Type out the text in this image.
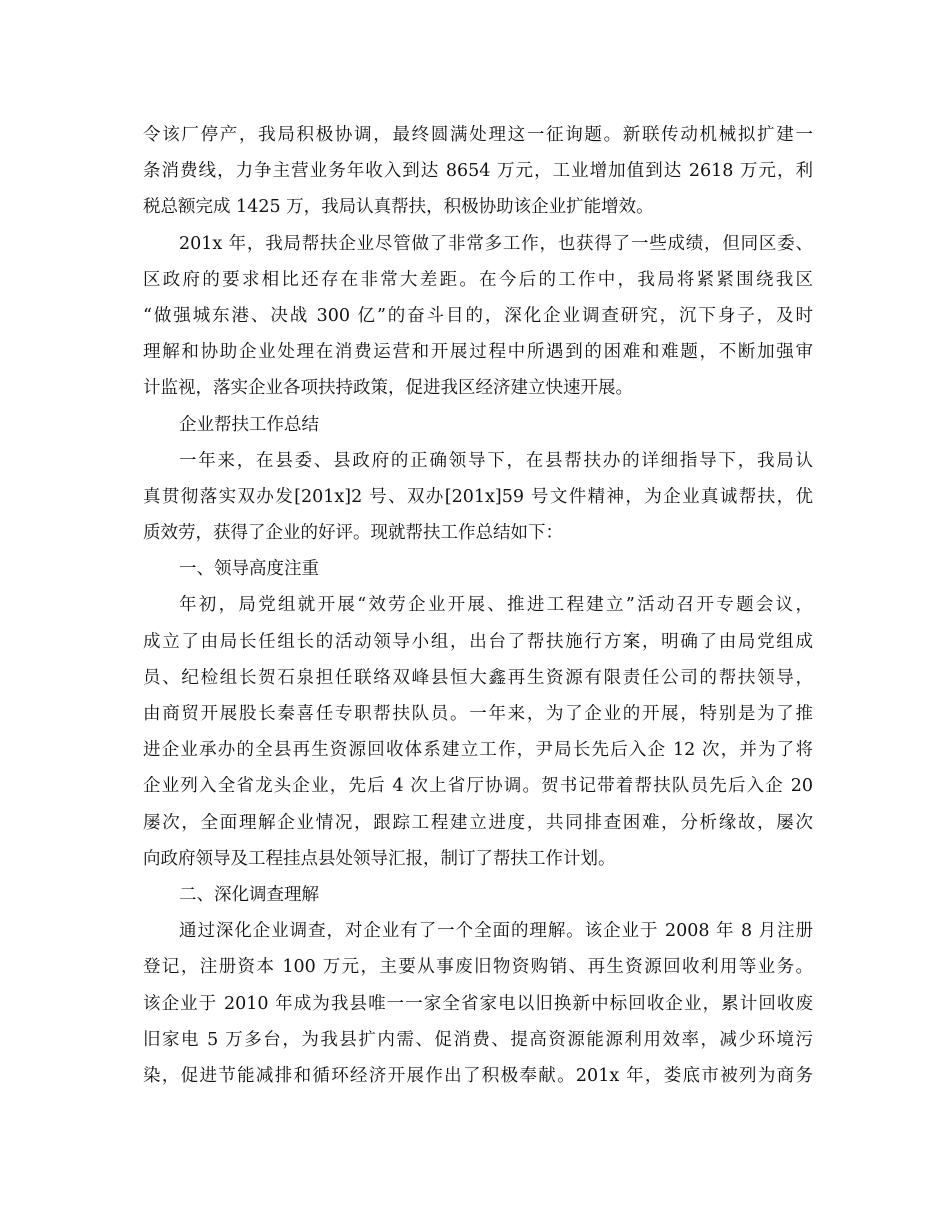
令该厂停产，我局积极协调，最终圆满处理这一征询题。新联传动机械拟扩建一
条消费线，力争主营业务年收入到达 8654 万元，工业增加值到达 2618 万元，利
税总额完成 1425 万，我局认真帮扶，积极协助该企业扩能增效。
201x 年，我局帮扶企业尽管做了非常多工作，也获得了一些成绩，但同区委、
区政府的要求相比还存在非常大差距。在今后的工作中，我局将紧紧围绕我区
“做强城东港、决战 300 亿”的奋斗目的，深化企业调查研究，沉下身子，及时
理解和协助企业处理在消费运营和开展过程中所遇到的困难和难题，不断加强审
计监视，落实企业各项扶持政策，促进我区经济建立快速开展。
企业帮扶工作总结
一年来，在县委、县政府的正确领导下，在县帮扶办的详细指导下，我局认
真贯彻落实双办发[201x]2 号、双办[201x]59 号文件精神，为企业真诚帮扶，优
质效劳，获得了企业的好评。现就帮扶工作总结如下：
一、领导高度注重
年初，局党组就开展“效劳企业开展、推进工程建立”活动召开专题会议，
成立了由局长任组长的活动领导小组，出台了帮扶施行方案，明确了由局党组成
员、纪检组长贺石泉担任联络双峰县恒大鑫再生资源有限责任公司的帮扶领导，
由商贸开展股长秦喜任专职帮扶队员。一年来，为了企业的开展，特别是为了推
进企业承办的全县再生资源回收体系建立工作，尹局长先后入企 12 次，并为了将
企业列入全省龙头企业，先后 4 次上省厅协调。贺书记带着帮扶队员先后入企 20
屡次，全面理解企业情况，跟踪工程建立进度，共同排查困难，分析缘故，屡次
向政府领导及工程挂点县处领导汇报，制订了帮扶工作计划。
二、深化调查理解
通过深化企业调查，对企业有了一个全面的理解。该企业于 2008 年 8 月注册
登记，注册资本 100 万元，主要从事废旧物资购销、再生资源回收利用等业务。
该企业于 2010 年成为我县唯一一家全省家电以旧换新中标回收企业，累计回收废
旧家电 5 万多台，为我县扩内需、促消费、提高资源能源利用效率，减少环境污
染，促进节能减排和循环经济开展作出了积极奉献。201x 年，娄底市被列为商务
